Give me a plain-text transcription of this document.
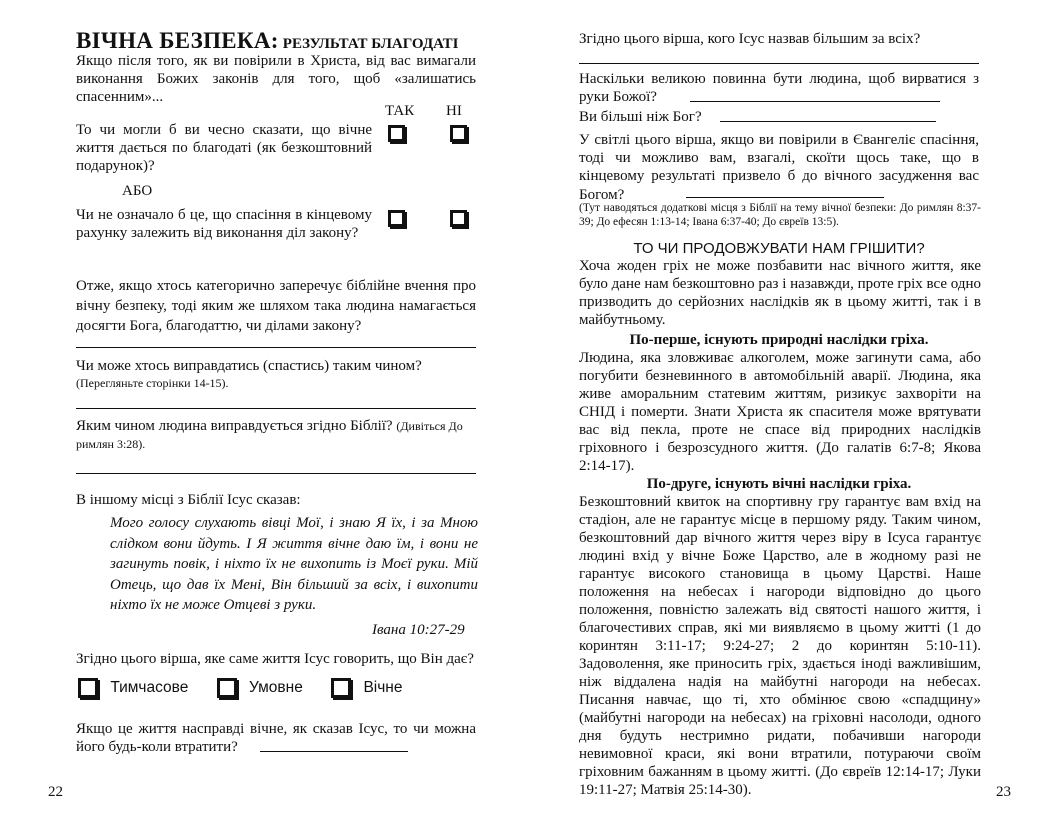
ВІЧНА БЕЗПЕКА: РЕЗУЛЬТАТ БЛАГОДАТІ
Якщо після того, як ви повірили в Христа, від вас вимагали виконання Божих законів для того, щоб «залишатись спасенним»...
ТАК НІ
То чи могли б ви чесно сказати, що вічне життя дається по благодаті (як безкоштовний подарунок)?
АБО
Чи не означало б це, що спасіння в кінцевому рахунку залежить від виконання діл закону?
Отже, якщо хтось категорично заперечує біблійне вчення про вічну безпеку, тоді яким же шляхом така людина намагається досягти Бога, благодаттю, чи ділами закону?
Чи може хтось виправдатись (спастись) таким чином?
(Перегляньте сторінки 14-15).
Яким чином людина виправдується згідно Біблії? (Дивіться До римлян 3:28).
В іншому місці з Біблії Ісус сказав:
Мого голосу слухають вівці Мої, і знаю Я їх, і за Мною слідком вони йдуть. І Я життя вічне даю їм, і вони не загинуть повік, і ніхто їх не вихопить із Моєї руки. Мій Отець, що дав їх Мені, Він більший за всіх, і вихопити ніхто їх не може Отцеві з руки.
Івана 10:27-29
Згідно цього вірша, яке саме життя Ісус говорить, що Він дає?
Тимчасове	Умовне	Вічне
Якщо це життя насправді вічне, як сказав Ісус, то чи можна його будь-коли втратити?
22
Згідно цього вірша, кого Ісус назвав більшим за всіх?
Наскільки великою повинна бути людина, щоб вирватися з руки Божої?
Ви більші ніж Бог?
У світлі цього вірша, якщо ви повірили в Євангеліє спасіння, тоді чи можливо вам, взагалі, скоїти щось таке, що в кінцевому результаті призвело б до вічного засудження вас Богом?
(Тут наводяться додаткові місця з Біблії на тему вічної безпеки: До римлян 8:37-39; До ефесян 1:13-14; Івана 6:37-40; До євреїв 13:5).
ТО ЧИ ПРОДОВЖУВАТИ НАМ ГРІШИТИ?
Хоча жоден гріх не може позбавити нас вічного життя, яке було дане нам безкоштовно раз і назавжди, проте гріх все одно призводить до серйозних наслідків як в цьому житті, так і в майбутньому.
По-перше, існують природні наслідки гріха.
Людина, яка зловживає алкоголем, може загинути сама, або погубити безневинного в автомобільній аварії. Людина, яка живе аморальним статевим життям, ризикує захворіти на СНІД і померти. Знати Христа як спасителя може врятувати вас від пекла, проте не спасе від природних наслідків гріховного і безрозсудного життя. (До галатів 6:7-8; Якова 2:14-17).
По-друге, існують вічні наслідки гріха.
Безкоштовний квиток на спортивну гру гарантує вам вхід на стадіон, але не гарантує місце в першому ряду. Таким чином, безкоштовний дар вічного життя через віру в Ісуса гарантує людині вхід у вічне Боже Царство, але в жодному разі не гарантує високого становища в цьому Царстві. Наше положення на небесах і нагороди відповідно до цього положення, повністю залежать від святості нашого життя, і благочестивих справ, які ми виявляємо в цьому житті (1 до коринтян 3:11-17; 9:24-27; 2 до коринтян 5:10-11). Задоволення, яке приносить гріх, здається іноді важливішим, ніж віддалена надія на майбутні нагороди на небесах. Писання навчає, що ті, хто обмінює свою «спадщину» (майбутні нагороди на небесах) на гріховні насолоди, одного дня будуть нестримно ридати, побачивши нагороди невимовної краси, які вони втратили, потураючи своїм гріховним бажанням в цьому житті. (До євреїв 12:14-17; Луки 19:11-27; Матвія 25:14-30).	23
